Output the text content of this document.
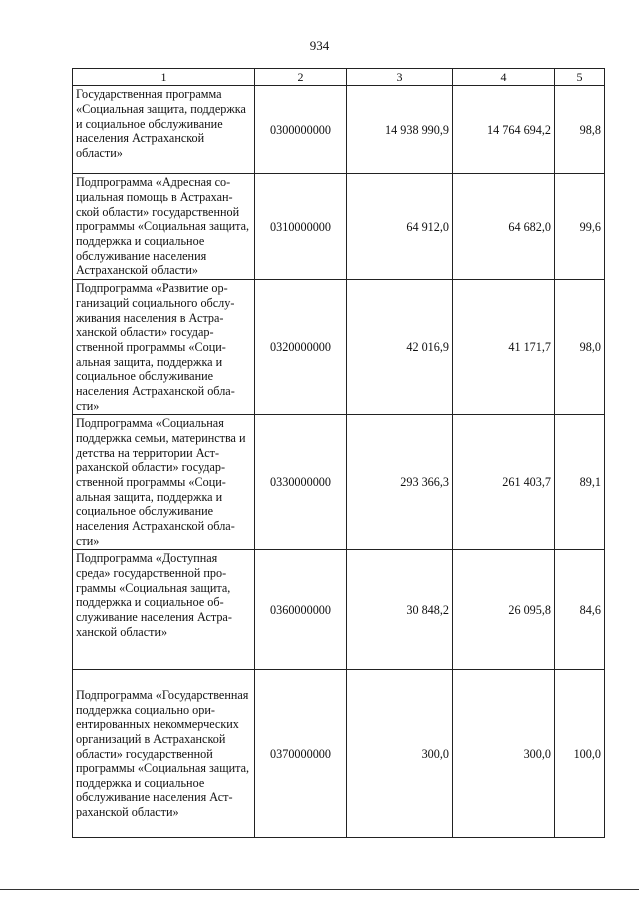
934
1	2	3	4	5
Государственная программа «Социальная защита, поддержка и социальное обслуживание населения Астраханской области»	0300000000	14 938 990,9	14 764 694,2	98,8
Подпрограмма «Адресная социальная помощь в Астраханской области» государственной программы «Социальная защита, поддержка и социальное обслуживание населения Астраханской области»	0310000000	64 912,0	64 682,0	99,6
Подпрограмма «Развитие организаций социального обслуживания населения в Астраханской области» государственной программы «Социальная защита, поддержка и социальное обслуживание населения Астраханской области»	0320000000	42 016,9	41 171,7	98,0
Подпрограмма «Социальная поддержка семьи, материнства и детства на территории Астраханской области» государственной программы «Социальная защита, поддержка и социальное обслуживание населения Астраханской области»	0330000000	293 366,3	261 403,7	89,1
Подпрограмма «Доступная среда» государственной программы «Социальная защита, поддержка и социальное обслуживание населения Астраханской области»	0360000000	30 848,2	26 095,8	84,6
Подпрограмма «Государственная поддержка социально ориентированных некоммерческих организаций в Астраханской области» государственной программы «Социальная защита, поддержка и социальное обслуживание населения Астраханской области»	0370000000	300,0	300,0	100,0
